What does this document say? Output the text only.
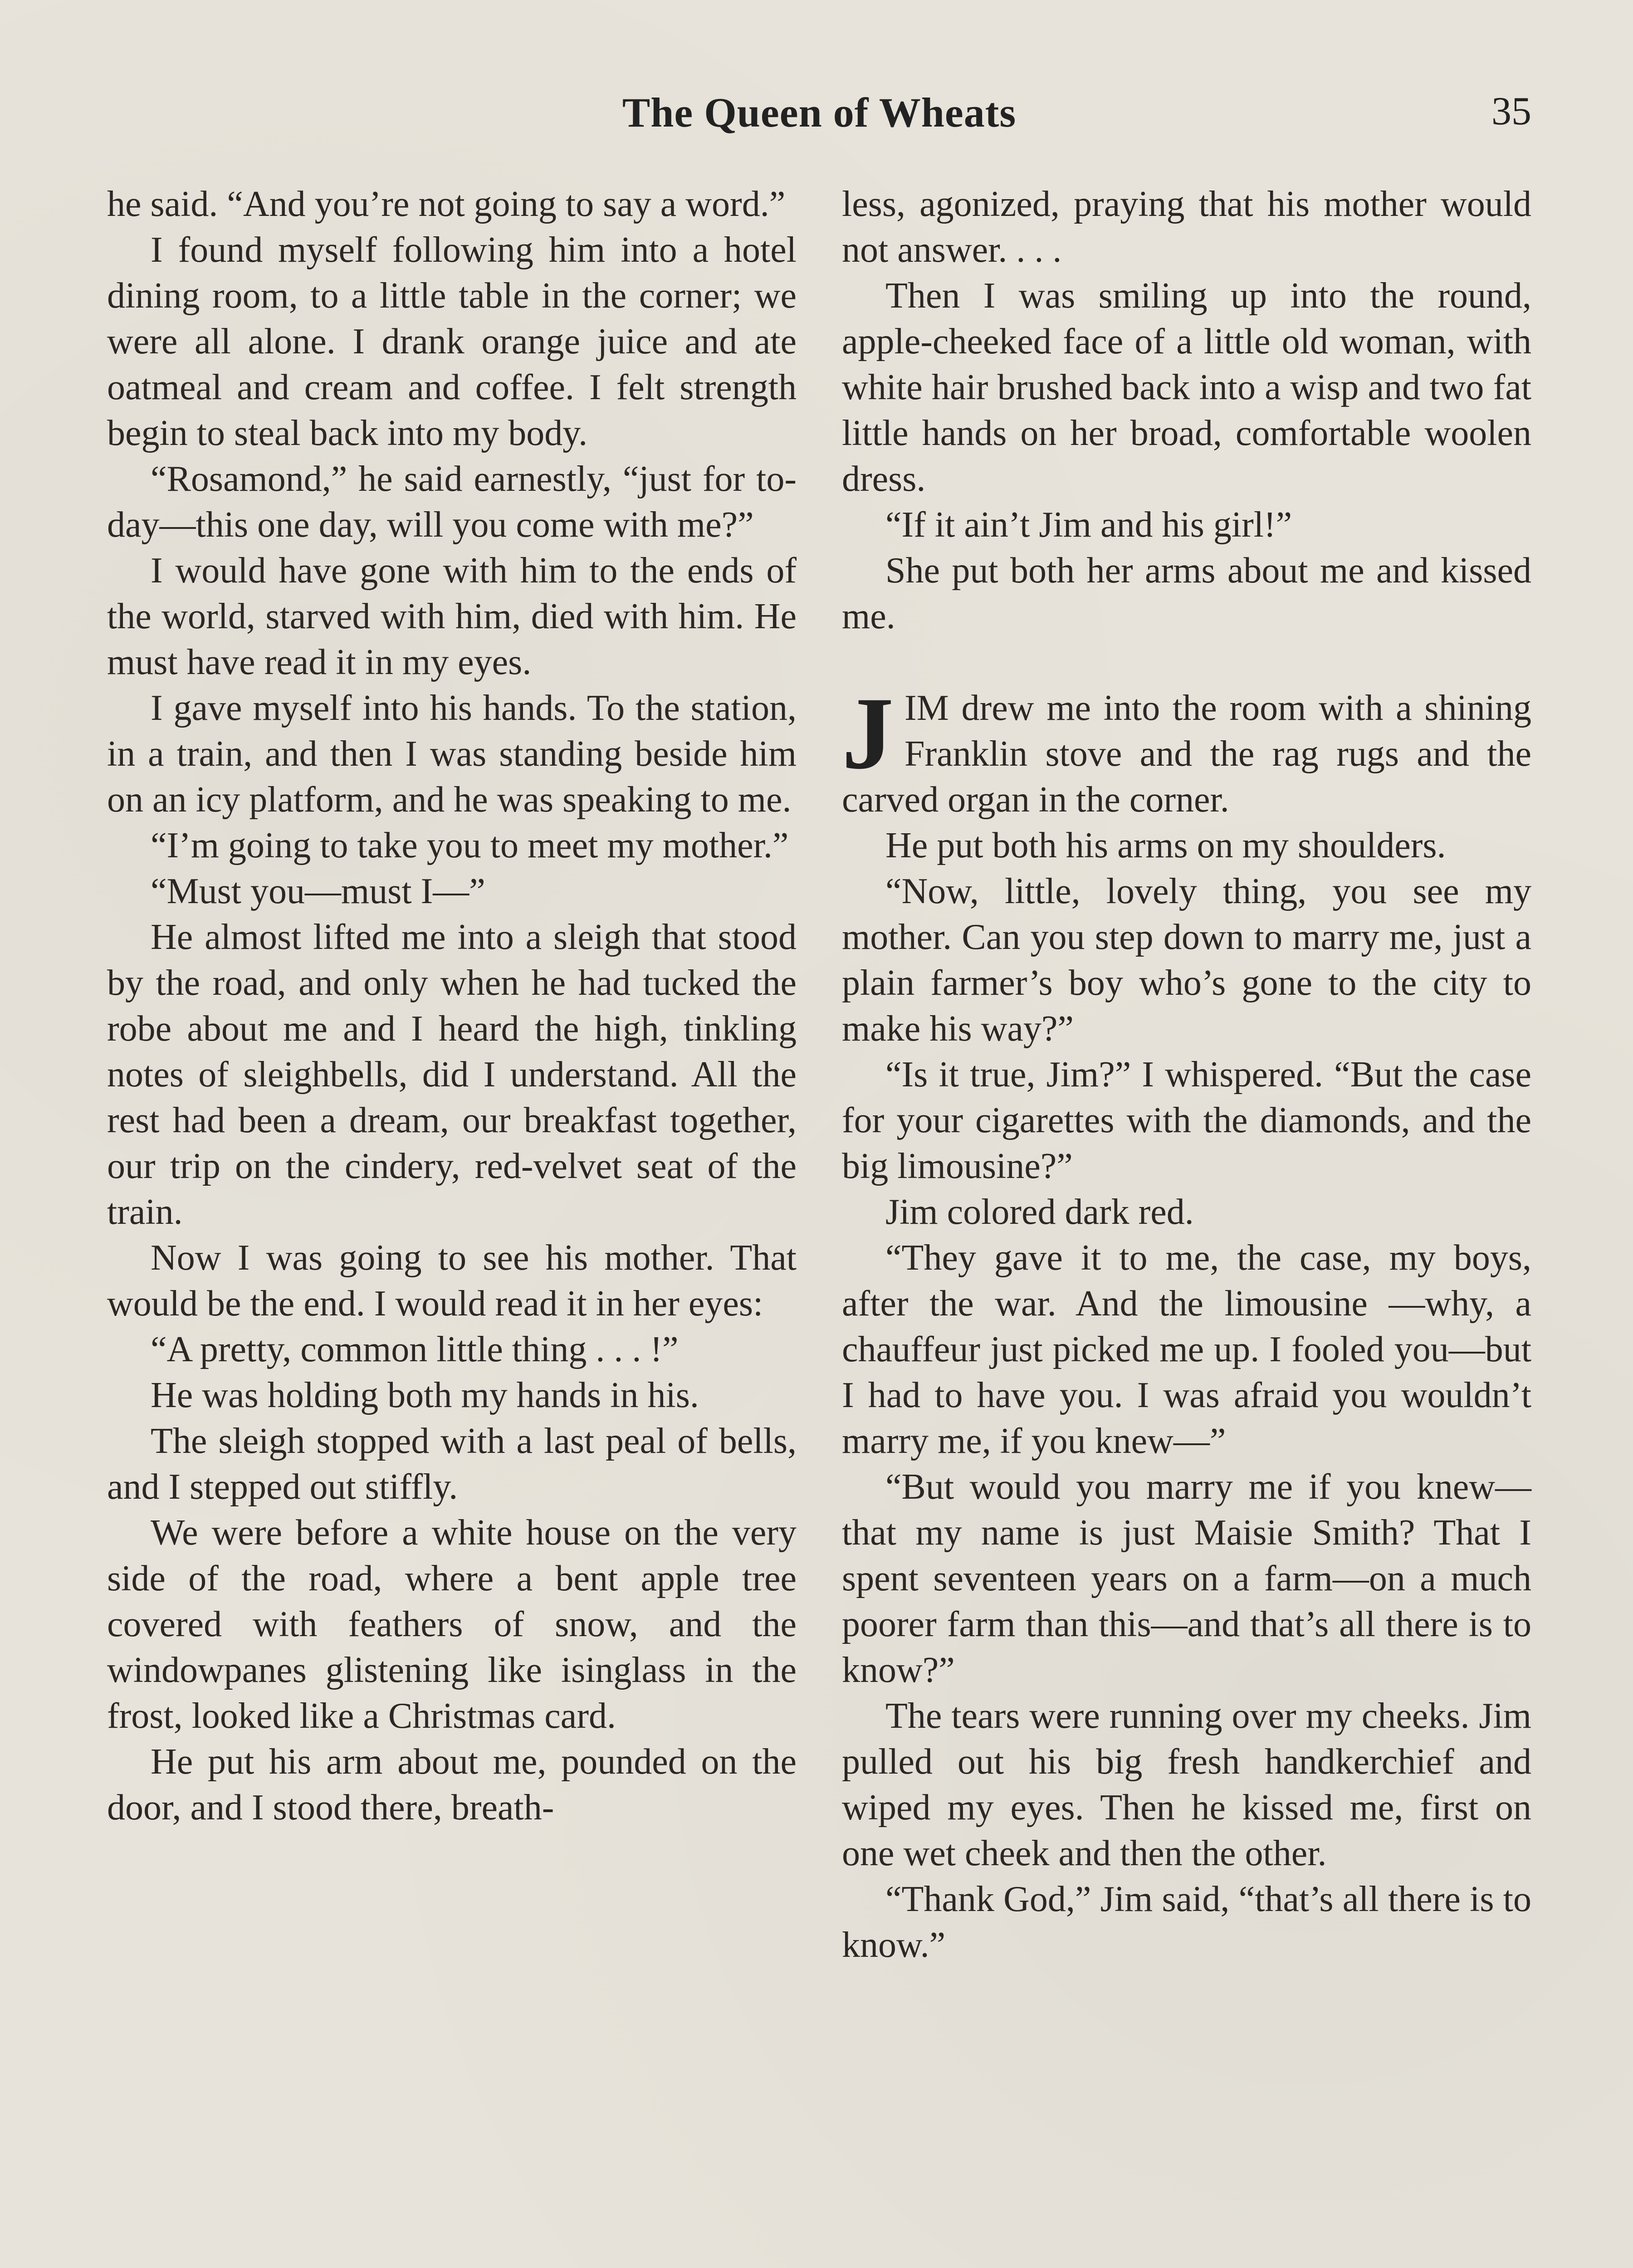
The Queen of Wheats	35

he said. “And you’re not going to say a word.”

I found myself following him into a hotel dining room, to a little table in the corner; we were all alone. I drank orange juice and ate oatmeal and cream and coffee. I felt strength begin to steal back into my body.

“Rosamond,” he said earnestly, “just for to-day—this one day, will you come with me?”

I would have gone with him to the ends of the world, starved with him, died with him. He must have read it in my eyes.

I gave myself into his hands. To the station, in a train, and then I was standing beside him on an icy platform, and he was speaking to me.

“I’m going to take you to meet my mother.”

“Must you—must I—”

He almost lifted me into a sleigh that stood by the road, and only when he had tucked the robe about me and I heard the high, tinkling notes of sleighbells, did I understand. All the rest had been a dream, our breakfast together, our trip on the cindery, red-velvet seat of the train.

Now I was going to see his mother. That would be the end. I would read it in her eyes:

“A pretty, common little thing . . . !”

He was holding both my hands in his.

The sleigh stopped with a last peal of bells, and I stepped out stiffly.

We were before a white house on the very side of the road, where a bent apple tree covered with feathers of snow, and the windowpanes glistening like isinglass in the frost, looked like a Christmas card.

He put his arm about me, pounded on the door, and I stood there, breath-

less, agonized, praying that his mother would not answer. . . .

Then I was smiling up into the round, apple-cheeked face of a little old woman, with white hair brushed back into a wisp and two fat little hands on her broad, comfortable woolen dress.

“If it ain’t Jim and his girl!”

She put both her arms about me and kissed me.

JIM drew me into the room with a shining Franklin stove and the rag rugs and the carved organ in the corner.

He put both his arms on my shoulders.

“Now, little, lovely thing, you see my mother. Can you step down to marry me, just a plain farmer’s boy who’s gone to the city to make his way?”

“Is it true, Jim?” I whispered. “But the case for your cigarettes with the diamonds, and the big limousine?”

Jim colored dark red.

“They gave it to me, the case, my boys, after the war. And the limousine —why, a chauffeur just picked me up. I fooled you—but I had to have you. I was afraid you wouldn’t marry me, if you knew—”

“But would you marry me if you knew—that my name is just Maisie Smith? That I spent seventeen years on a farm—on a much poorer farm than this—and that’s all there is to know?”

The tears were running over my cheeks. Jim pulled out his big fresh handkerchief and wiped my eyes. Then he kissed me, first on one wet cheek and then the other.

“Thank God,” Jim said, “that’s all there is to know.”
